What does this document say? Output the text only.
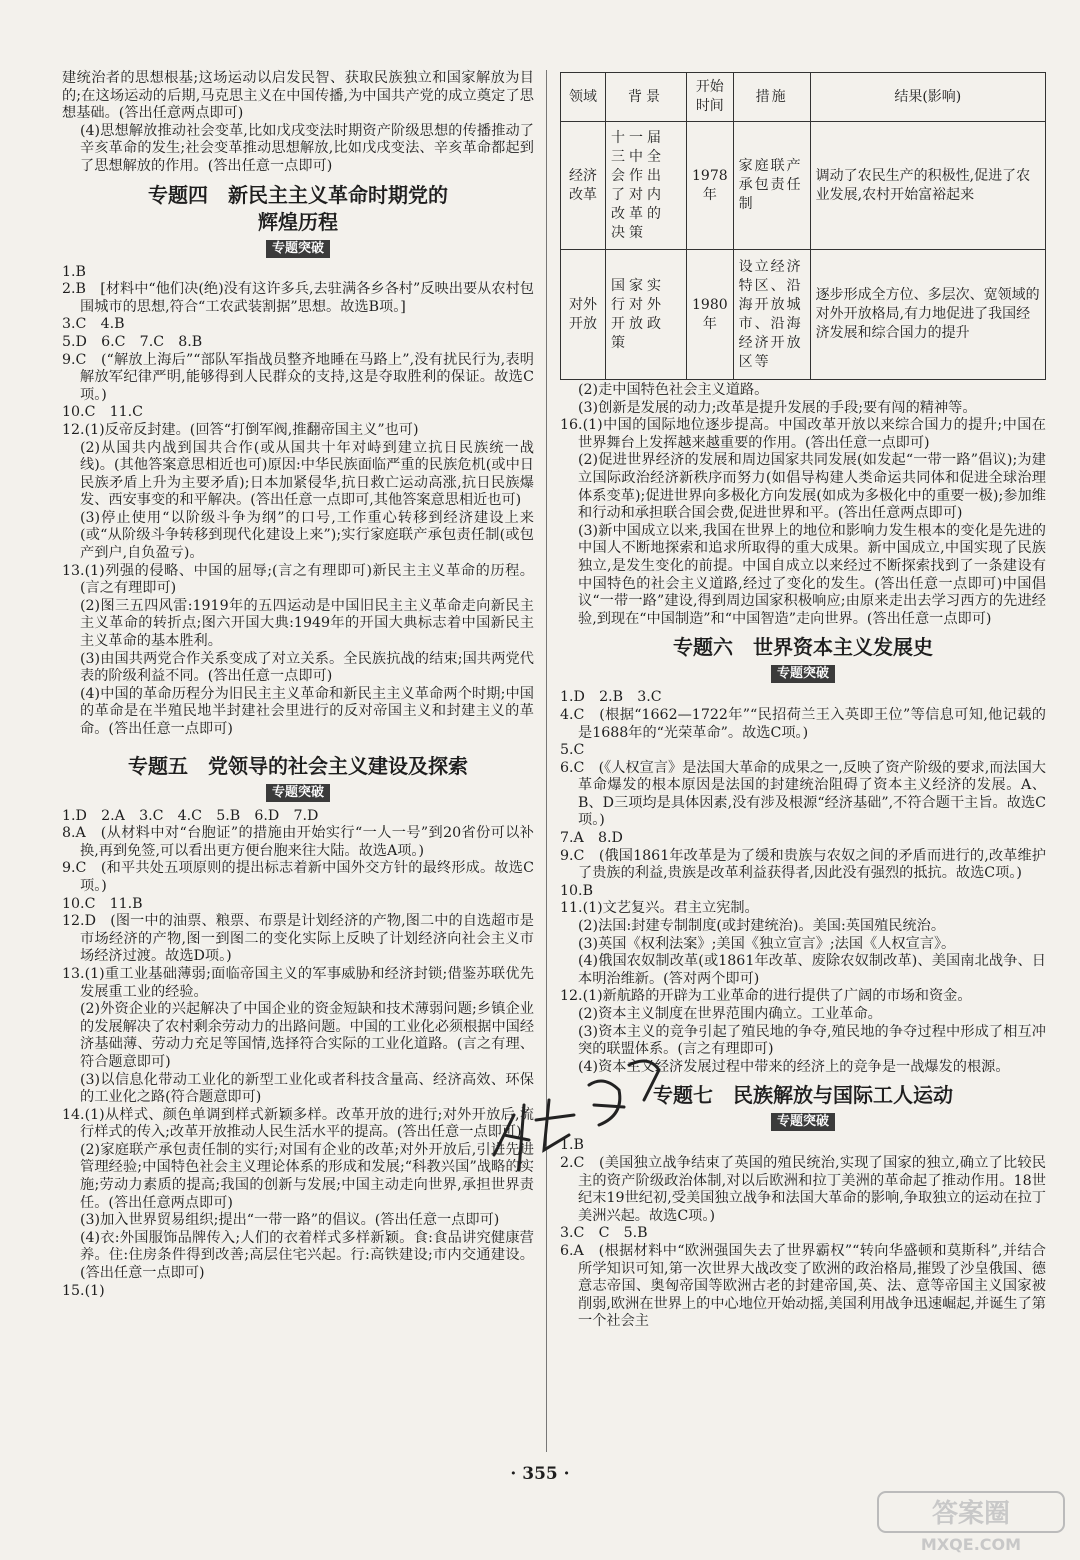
建统治者的思想根基;这场运动以启发民智、获取民族独立和国家解放为目的;在这场运动的后期,马克思主义在中国传播,为中国共产党的成立奠定了思想基础。(答出任意两点即可)

(4)思想解放推动社会变革,比如戊戌变法时期资产阶级思想的传播推动了辛亥革命的发生;社会变革推动思想解放,比如戊戌变法、辛亥革命都起到了思想解放的作用。(答出任意一点即可)

专题四　新民主主义革命时期党的
辉煌历程
专题突破

1.B

2.B　[材料中“他们决(绝)没有这许多兵,去驻满各乡各村”反映出要从农村包围城市的思想,符合“工农武装割据”思想。故选B项。]

3.C　4.B

5.D　6.C　7.C　8.B

9.C　(“解放上海后”“部队军指战员整齐地睡在马路上”,没有扰民行为,表明解放军纪律严明,能够得到人民群众的支持,这是夺取胜利的保证。故选C项。)

10.C　11.C

12.(1)反帝反封建。(回答“打倒军阀,推翻帝国主义”也可)

(2)从国共内战到国共合作(或从国共十年对峙到建立抗日民族统一战线)。(其他答案意思相近也可)原因:中华民族面临严重的民族危机(或中日民族矛盾上升为主要矛盾);日本加紧侵华,抗日救亡运动高涨,抗日民族爆发、西安事变的和平解决。(答出任意一点即可,其他答案意思相近也可)

(3)停止使用“以阶级斗争为纲”的口号,工作重心转移到经济建设上来(或“从阶级斗争转移到现代化建设上来”);实行家庭联产承包责任制(或包产到户,自负盈亏)。

13.(1)列强的侵略、中国的屈辱;(言之有理即可)新民主主义革命的历程。(言之有理即可)

(2)图三五四风雷:1919年的五四运动是中国旧民主主义革命走向新民主主义革命的转折点;图六开国大典:1949年的开国大典标志着中国新民主主义革命的基本胜利。

(3)由国共两党合作关系变成了对立关系。全民族抗战的结束;国共两党代表的阶级利益不同。(答出任意一点即可)

(4)中国的革命历程分为旧民主主义革命和新民主主义革命两个时期;中国的革命是在半殖民地半封建社会里进行的反对帝国主义和封建主义的革命。(答出任意一点即可)

专题五　党领导的社会主义建设及探索
专题突破

1.D　2.A　3.C　4.C　5.B　6.D　7.D

8.A　(从材料中对“台胞证”的措施由开始实行“一人一号”到20省份可以补换,再到免签,可以看出更方便台胞来往大陆。故选A项。)

9.C　(和平共处五项原则的提出标志着新中国外交方针的最终形成。故选C项。)

10.C　11.B

12.D　(图一中的油票、粮票、布票是计划经济的产物,图二中的自选超市是市场经济的产物,图一到图二的变化实际上反映了计划经济向社会主义市场经济过渡。故选D项。)

13.(1)重工业基础薄弱;面临帝国主义的军事威胁和经济封锁;借鉴苏联优先发展重工业的经验。

(2)外资企业的兴起解决了中国企业的资金短缺和技术薄弱问题;乡镇企业的发展解决了农村剩余劳动力的出路问题。中国的工业化必须根据中国经济基础薄、劳动力充足等国情,选择符合实际的工业化道路。(言之有理、符合题意即可)

(3)以信息化带动工业化的新型工业化或者科技含量高、经济高效、环保的工业化之路(符合题意即可)

14.(1)从样式、颜色单调到样式新颖多样。改革开放的进行;对外开放后,流行样式的传入;改革开放推动人民生活水平的提高。(答出任意一点即可)

(2)家庭联产承包责任制的实行;对国有企业的改革;对外开放后,引进先进管理经验;中国特色社会主义理论体系的形成和发展;“科教兴国”战略的实施;劳动力素质的提高;我国的创新与发展;中国主动走向世界,承担世界责任。(答出任意两点即可)

(3)加入世界贸易组织;提出“一带一路”的倡议。(答出任意一点即可)

(4)衣:外国服饰品牌传入;人们的衣着样式多样新颖。食:食品讲究健康营养。住:住房条件得到改善;高层住宅兴起。行:高铁建设;市内交通建设。(答出任意一点即可)

15.(1)

领域	背景	开始时间	措施	结果(影响)
经济改革	十一届三中全会作出了对内改革的决策	1978年	家庭联产承包责任制	调动了农民生产的积极性,促进了农业发展,农村开始富裕起来
对外开放	国家实行对外开放政策	1980年	设立经济特区、沿海开放城市、沿海经济开放区等	逐步形成全方位、多层次、宽领域的对外开放格局,有力地促进了我国经济发展和综合国力的提升

(2)走中国特色社会主义道路。

(3)创新是发展的动力;改革是提升发展的手段;要有闯的精神等。

16.(1)中国的国际地位逐步提高。中国改革开放以来综合国力的提升;中国在世界舞台上发挥越来越重要的作用。(答出任意一点即可)

(2)促进世界经济的发展和周边国家共同发展(如发起“一带一路”倡议);为建立国际政治经济新秩序而努力(如倡导构建人类命运共同体和促进全球治理体系变革);促进世界向多极化方向发展(如成为多极化中的重要一极);参加维和行动和承担联合国会费,促进世界和平。(答出任意两点即可)

(3)新中国成立以来,我国在世界上的地位和影响力发生根本的变化是先进的中国人不断地探索和追求所取得的重大成果。新中国成立,中国实现了民族独立,是发生变化的前提。中国自成立以来经过不断探索找到了一条建设有中国特色的社会主义道路,经过了变化的发生。(答出任意一点即可)中国倡议“一带一路”建设,得到周边国家积极响应;由原来走出去学习西方的先进经验,到现在“中国制造”和“中国智造”走向世界。(答出任意一点即可)

专题六　世界资本主义发展史
专题突破

1.D　2.B　3.C

4.C　(根据“1662—1722年”“民招荷兰王入英即王位”等信息可知,他记载的是1688年的“光荣革命”。故选C项。)

5.C

6.C　(《人权宣言》是法国大革命的成果之一,反映了资产阶级的要求,而法国大革命爆发的根本原因是法国的封建统治阻碍了资本主义经济的发展。A、B、D三项均是具体因素,没有涉及根源“经济基础”,不符合题干主旨。故选C项。)

7.A　8.D

9.C　(俄国1861年改革是为了缓和贵族与农奴之间的矛盾而进行的,改革维护了贵族的利益,贵族是改革利益获得者,因此没有强烈的抵抗。故选C项。)

10.B

11.(1)文艺复兴。君主立宪制。

(2)法国:封建专制制度(或封建统治)。美国:英国殖民统治。

(3)英国《权利法案》;美国《独立宣言》;法国《人权宣言》。

(4)俄国农奴制改革(或1861年改革、废除农奴制改革)、美国南北战争、日本明治维新。(答对两个即可)

12.(1)新航路的开辟为工业革命的进行提供了广阔的市场和资金。

(2)资本主义制度在世界范围内确立。工业革命。

(3)资本主义的竞争引起了殖民地的争夺,殖民地的争夺过程中形成了相互冲突的联盟体系。(言之有理即可)

(4)资本主义经济发展过程中带来的经济上的竞争是一战爆发的根源。

专题七　民族解放与国际工人运动
专题突破

1.B

2.C　(美国独立战争结束了英国的殖民统治,实现了国家的独立,确立了比较民主的资产阶级政治体制,对以后欧洲和拉丁美洲的革命起了推动作用。18世纪末19世纪初,受美国独立战争和法国大革命的影响,争取独立的运动在拉丁美洲兴起。故选C项。)

3.C　C　5.B

6.A　(根据材料中“欧洲强国失去了世界霸权”“转向华盛顿和莫斯科”,并结合所学知识可知,第一次世界大战改变了欧洲的政治格局,摧毁了沙皇俄国、德意志帝国、奥匈帝国等欧洲古老的封建帝国,英、法、意等帝国主义国家被削弱,欧洲在世界上的中心地位开始动摇,美国利用战争迅速崛起,并诞生了第一个社会主

· 355 ·
答案圈
MXQE.COM
